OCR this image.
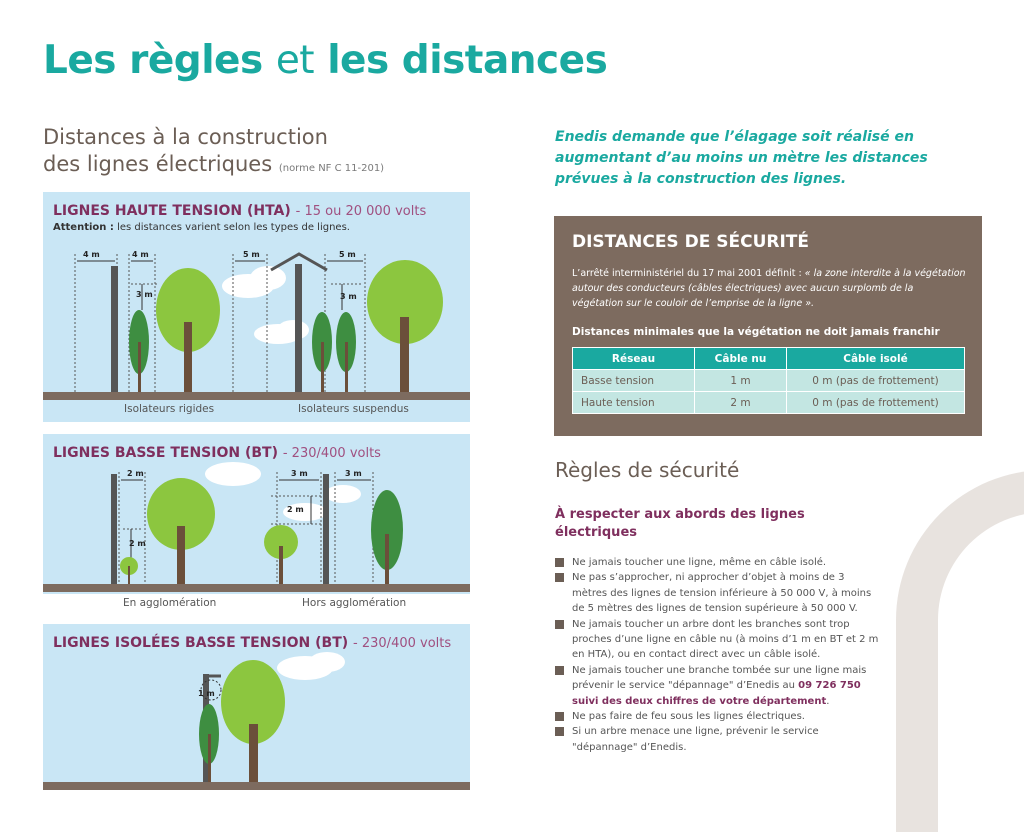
Les règles et les distances
Distances à la construction
des lignes électriques (norme NF C 11-201)
LIGNES HAUTE TENSION (HTA) - 15 ou 20 000 volts
Attention : les distances varient selon les types de lignes.
4 m	4 m
3 m
5 m	5 m
3 m
Isolateurs rigides	Isolateurs suspendus
LIGNES BASSE TENSION (BT) - 230/400 volts
2 m
2 m
3 m	3 m
2 m
En agglomération	Hors agglomération
LIGNES ISOLÉES BASSE TENSION (BT) - 230/400 volts
1 m
Enedis demande que l’élagage soit réalisé en augmentant d’au moins un mètre les distances prévues à la construction des lignes.
DISTANCES DE SÉCURITÉ
L’arrêté interministériel du 17 mai 2001 définit : « la zone interdite à la végétation autour des conducteurs (câbles électriques) avec aucun surplomb de la végétation sur le couloir de l’emprise de la ligne ».
Distances minimales que la végétation ne doit jamais franchir
Réseau	Câble nu	Câble isolé
Basse tension	1 m	0 m (pas de frottement)
Haute tension	2 m	0 m (pas de frottement)
Règles de sécurité
À respecter aux abords des lignes électriques
Ne jamais toucher une ligne, même en câble isolé.
Ne pas s’approcher, ni approcher d’objet à moins de 3 mètres des lignes de tension inférieure à 50 000 V, à moins de 5 mètres des lignes de tension supérieure à 50 000 V.
Ne jamais toucher un arbre dont les branches sont trop proches d’une ligne en câble nu (à moins d’1 m en BT et 2 m en HTA), ou en contact direct avec un câble isolé.
Ne jamais toucher une branche tombée sur une ligne mais prévenir le service "dépannage" d’Enedis au 09 726 750 suivi des deux chiffres de votre département.
Ne pas faire de feu sous les lignes électriques.
Si un arbre menace une ligne, prévenir le service "dépannage" d’Enedis.
